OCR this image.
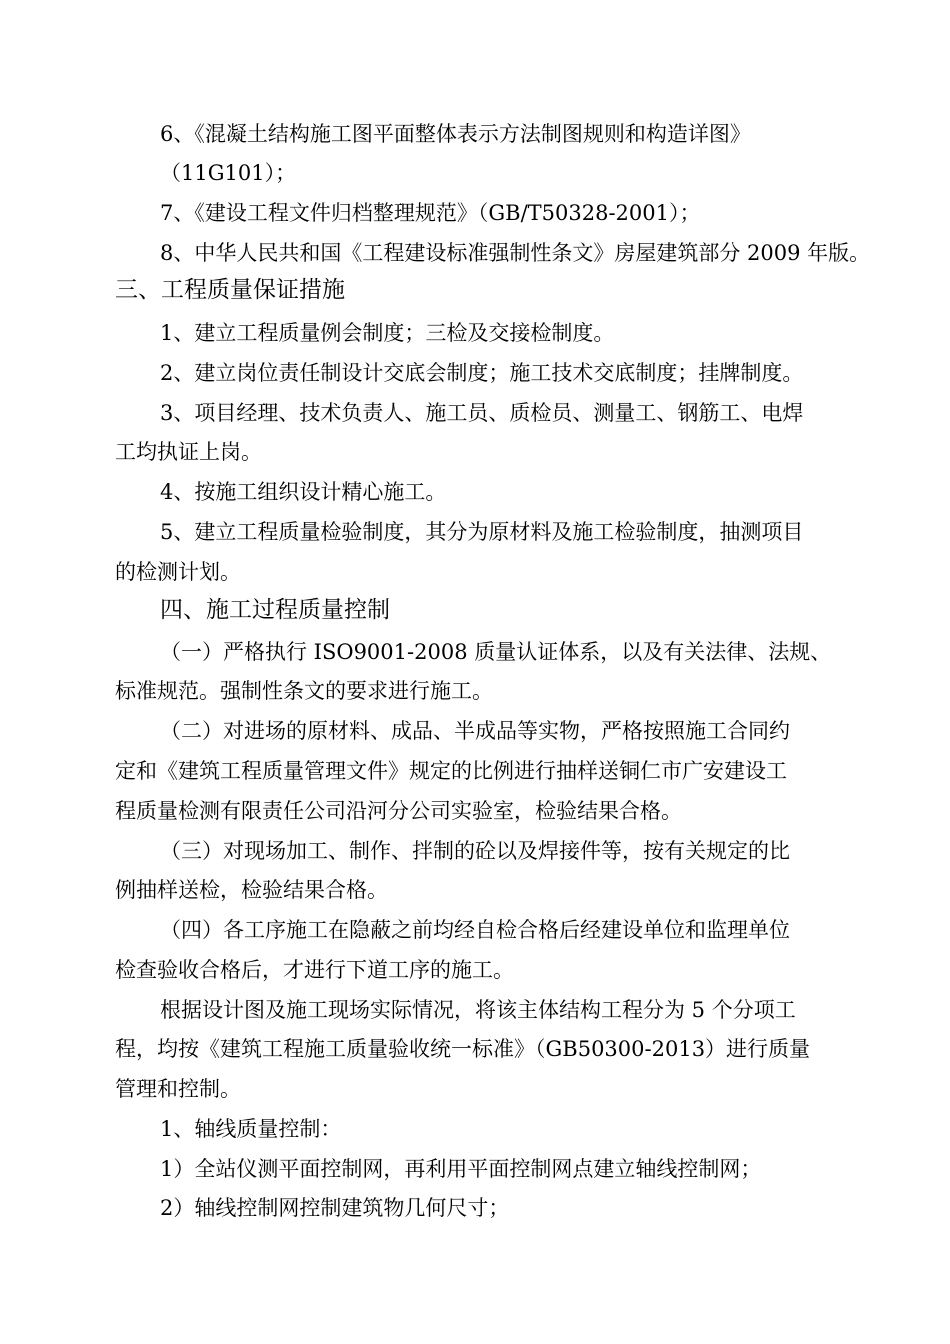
6、《混凝土结构施工图平面整体表示方法制图规则和构造详图》
（11G101）；
7、《建设工程文件归档整理规范》（GB/T50328-2001）；
8、中华人民共和国《工程建设标准强制性条文》房屋建筑部分 2009 年版。
三、工程质量保证措施
1、建立工程质量例会制度；三检及交接检制度。
2、建立岗位责任制设计交底会制度；施工技术交底制度；挂牌制度。
3、项目经理、技术负责人、施工员、质检员、测量工、钢筋工、电焊
工均执证上岗。
4、按施工组织设计精心施工。
5、建立工程质量检验制度，其分为原材料及施工检验制度，抽测项目
的检测计划。
四、施工过程质量控制
（一）严格执行 ISO9001-2008 质量认证体系，以及有关法律、法规、
标准规范。强制性条文的要求进行施工。
（二）对进场的原材料、成品、半成品等实物，严格按照施工合同约
定和《建筑工程质量管理文件》规定的比例进行抽样送铜仁市广安建设工
程质量检测有限责任公司沿河分公司实验室，检验结果合格。
（三）对现场加工、制作、拌制的砼以及焊接件等，按有关规定的比
例抽样送检，检验结果合格。
（四）各工序施工在隐蔽之前均经自检合格后经建设单位和监理单位
检查验收合格后，才进行下道工序的施工。
根据设计图及施工现场实际情况，将该主体结构工程分为 5 个分项工
程，均按《建筑工程施工质量验收统一标准》（GB50300-2013）进行质量
管理和控制。
1、轴线质量控制：
1）全站仪测平面控制网，再利用平面控制网点建立轴线控制网；
2）轴线控制网控制建筑物几何尺寸；
